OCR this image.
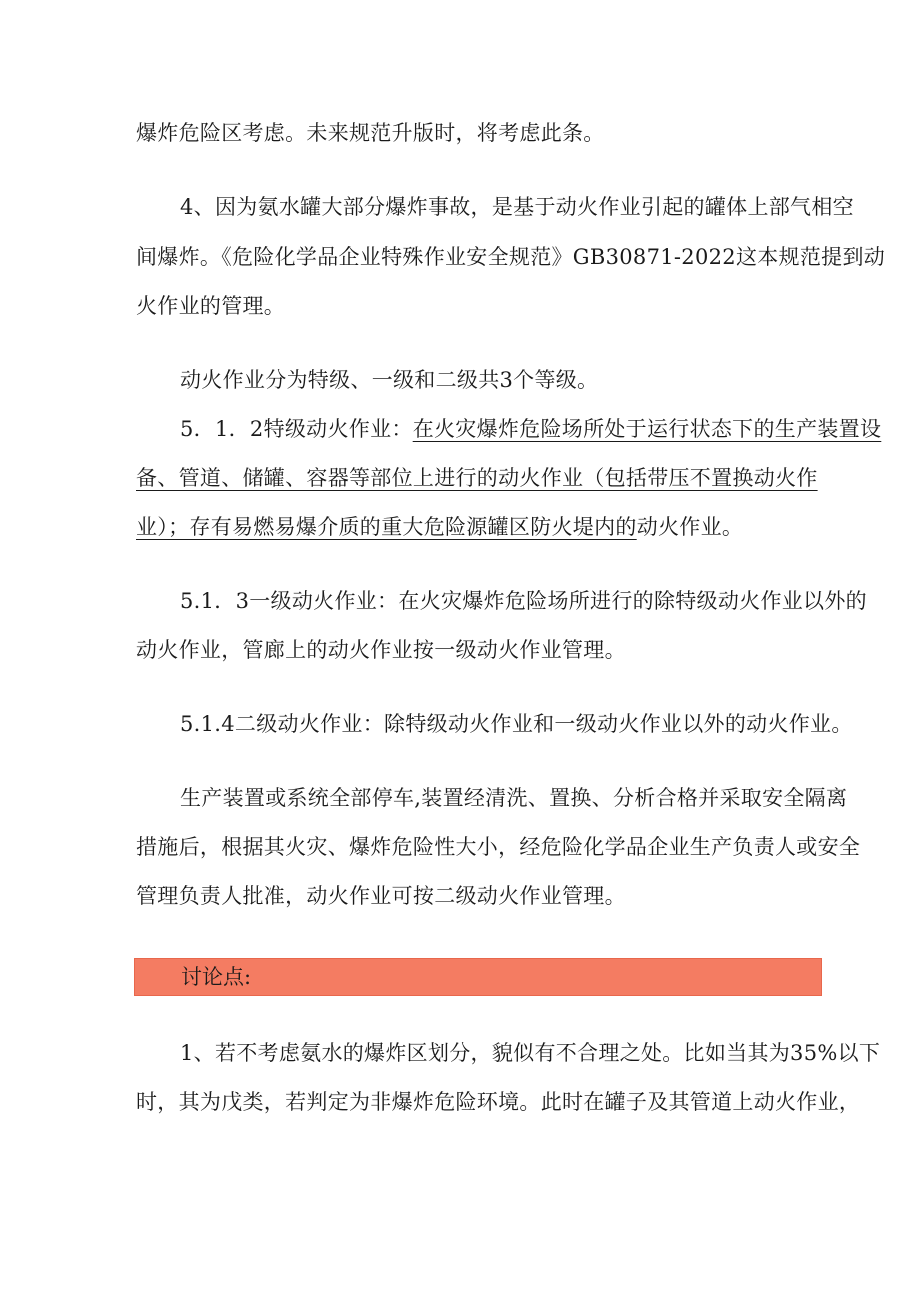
爆炸危险区考虑。未来规范升版时，将考虑此条。
4、因为氨水罐大部分爆炸事故，是基于动火作业引起的罐体上部气相空
间爆炸。《危险化学品企业特殊作业安全规范》GB30871-2022这本规范提到动
火作业的管理。
动火作业分为特级、一级和二级共3个等级。
5．1．2特级动火作业：在火灾爆炸危险场所处于运行状态下的生产装置设
备、管道、储罐、容器等部位上进行的动火作业（包括带压不置换动火作
业）；存有易燃易爆介质的重大危险源罐区防火堤内的动火作业。
5.1．3一级动火作业：在火灾爆炸危险场所进行的除特级动火作业以外的
动火作业，管廊上的动火作业按一级动火作业管理。
5.1.4二级动火作业：除特级动火作业和一级动火作业以外的动火作业。
生产装置或系统全部停车,装置经清洗、置换、分析合格并采取安全隔离
措施后，根据其火灾、爆炸危险性大小，经危险化学品企业生产负责人或安全
管理负责人批准，动火作业可按二级动火作业管理。
讨论点:
1、若不考虑氨水的爆炸区划分，貌似有不合理之处。比如当其为35%以下
时，其为戊类，若判定为非爆炸危险环境。此时在罐子及其管道上动火作业，
